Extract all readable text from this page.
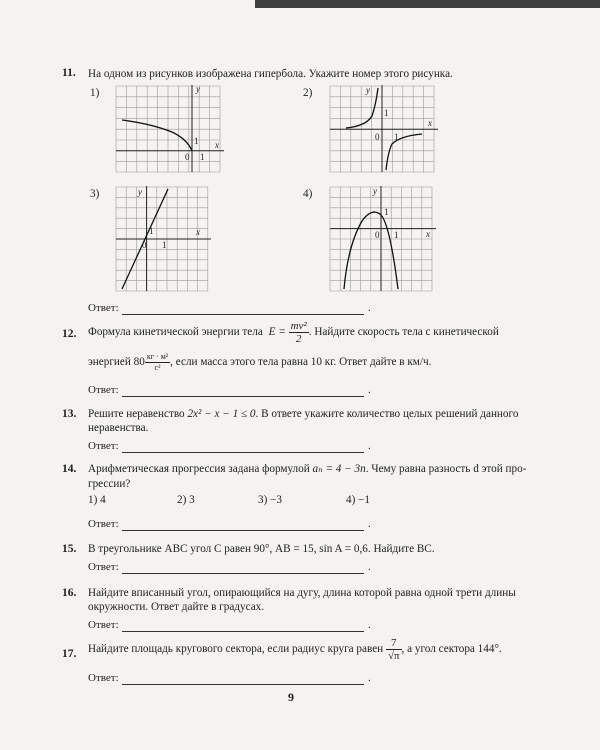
11. На одном из рисунков изображена гипербола. Укажите номер этого рисунка.
1)	y
x
0 1
1
2)	y
x
0 1
1
3)	y
x
0 1
1
4)	y
x
0 1
1
Ответ:	.
12. Формула кинетической энергии тела $E = \frac{\text{mv²}}{2}$ . Найдите скорость тела с кинетической
энергией $80 \frac{\text{кг · м²}}{\text{с²}}$ , если масса этого тела равна 10 кг. Ответ дайте в км/ч.
Ответ:	.
13. Решите неравенство 2x² − x − 1 ≤ 0. В ответе укажите количество целых решений данного
неравенства.
Ответ:	.
14. Арифметическая прогрессия задана формулой aₙ = 4 − 3n. Чему равна разность d этой про-
грессии?
1) 4	2) 3	3) −3	4) −1
Ответ:	.
15. В треугольнике ABC угол C равен 90°, AB = 15, sin A = 0,6. Найдите BC.
Ответ:	.
16. Найдите вписанный угол, опирающийся на дугу, длина которой равна одной трети длины
окружности. Ответ дайте в градусах.
Ответ:	.
17. Найдите площадь кругового сектора, если радиус круга равен $\frac{7}{√\pi}$ , а угол сектора 144°.
Ответ:	.
9
